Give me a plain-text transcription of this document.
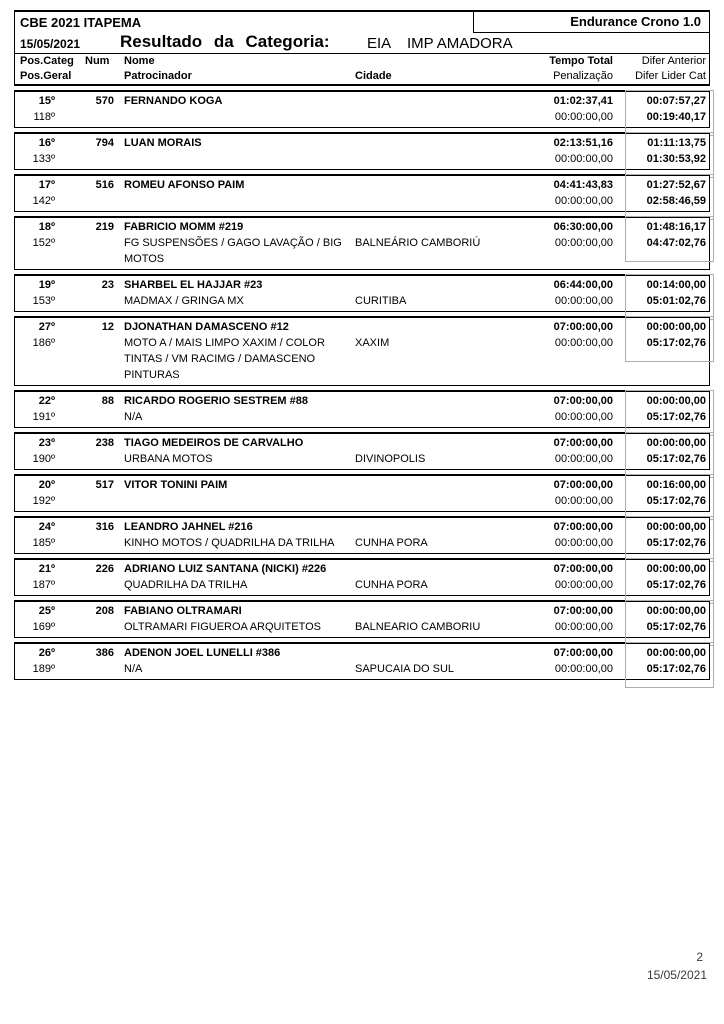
CBE 2021 ITAPEMA	Endurance Crono 1.0
15/05/2021 Resultado da Categoria: EIA IMP AMADORA
Pos.Categ Num Nome	Tempo Total	Difer Anterior
Pos.Geral	Patrocinador	Cidade	Penalização Difer Lider Cat
15º	570 FERNANDO KOGA	01:02:37,41	00:07:57,27
118º	00:00:00,00	00:19:40,17
16º	794 LUAN MORAIS	02:13:51,16	01:11:13,75
133º	00:00:00,00	01:30:53,92
17º	516 ROMEU AFONSO PAIM	04:41:43,83	01:27:52,67
142º	00:00:00,00	02:58:46,59
18º	219 FABRICIO MOMM #219	06:30:00,00	01:48:16,17
152º	FG SUSPENSÕES / GAGO LAVAÇÃO / BIG MOTOS
BALNEÁRIO CAMBORIÚ	00:00:00,00	04:47:02,76
19º	23 SHARBEL EL HAJJAR #23	06:44:00,00	00:14:00,00
153º	MADMAX / GRINGA MX	CURITIBA	00:00:00,00	05:01:02,76
27º	12 DJONATHAN DAMASCENO #12	07:00:00,00	00:00:00,00
186º	MOTO A / MAIS LIMPO XAXIM / COLOR TINTAS / VM RACIMG / DAMASCENO PINTURAS
XAXIM	00:00:00,00	05:17:02,76
22º	88 RICARDO ROGERIO SESTREM #88	07:00:00,00	00:00:00,00
191º	N/A	00:00:00,00	05:17:02,76
23º	238 TIAGO MEDEIROS DE CARVALHO	07:00:00,00	00:00:00,00
190º	URBANA MOTOS	DIVINOPOLIS	00:00:00,00	05:17:02,76
20º	517 VITOR TONINI PAIM	07:00:00,00	00:16:00,00
192º	00:00:00,00	05:17:02,76
24º	316 LEANDRO JAHNEL #216	07:00:00,00	00:00:00,00
185º	KINHO MOTOS / QUADRILHA DA TRILHA	CUNHA PORA	00:00:00,00	05:17:02,76
21º	226 ADRIANO LUIZ SANTANA (NICKI) #226	07:00:00,00	00:00:00,00
187º	QUADRILHA DA TRILHA	CUNHA PORA	00:00:00,00	05:17:02,76
25º	208 FABIANO OLTRAMARI	07:00:00,00	00:00:00,00
169º	OLTRAMARI FIGUEROA ARQUITETOS	BALNEARIO CAMBORIU	00:00:00,00	05:17:02,76
26º	386 ADENON JOEL LUNELLI #386	07:00:00,00	00:00:00,00
189º	N/A	SAPUCAIA DO SUL	00:00:00,00	05:17:02,76
2
15/05/2021
